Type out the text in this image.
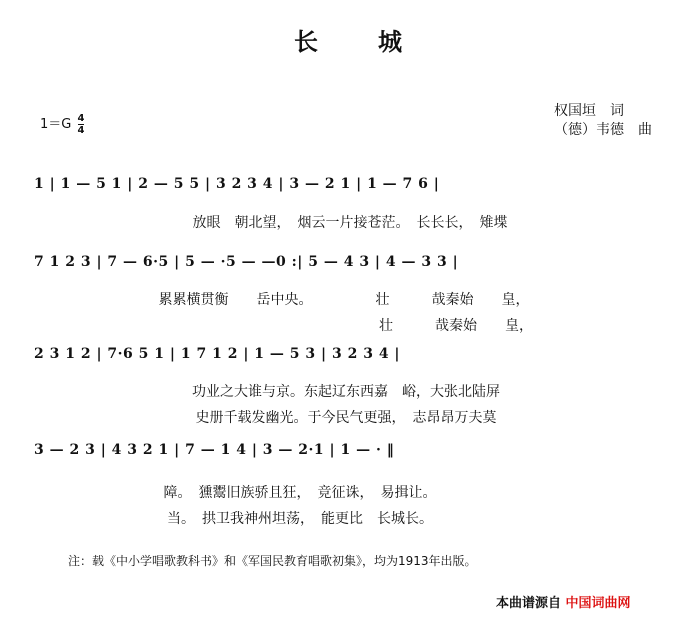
长　　城
$1=G \frac{4}{4}$
权国垣　词
（德）韦德　曲
1 | 1 — 5 1 | 2 — 5 5 | 3 2 3 4 | 3 — 2 1 | 1 — 7 6 |
放眼　朝北望，　烟云一片接苍茫。　长长长，　雉堞
7 1 2 3 | 7 — 6·5 | 5 — ·5 — —0 :| 5 — 4 3 | 4 — 3 3 |
累累横贯衡　　岳中央。　　　　　壮　　　哉秦始　　皇，
　　　　　　　　　　　　　　　　壮　　　哉秦始　　皇，
2 3 1 2 | 7·6 5 1 | 1 7 1 2 | 1 — 5 3 | 3 2 3 4 |
功业之大谁与京。东起辽东西嘉　峪，大张北陆屏
史册千载发幽光。于今民气更强，　志昂昂万夫莫
3 — 2 3 | 4 3 2 1 | 7 — 1 4 | 3 — 2·1 | 1 — · ‖
障。　獯鬻旧族骄且狂，　竞征诛，　易揖让。
当。　拱卫我神州坦荡，　能更比　长城长。
注：载《中小学唱歌教科书》和《军国民教育唱歌初集》，均为1913年出版。
本曲谱源自 中国词曲网
